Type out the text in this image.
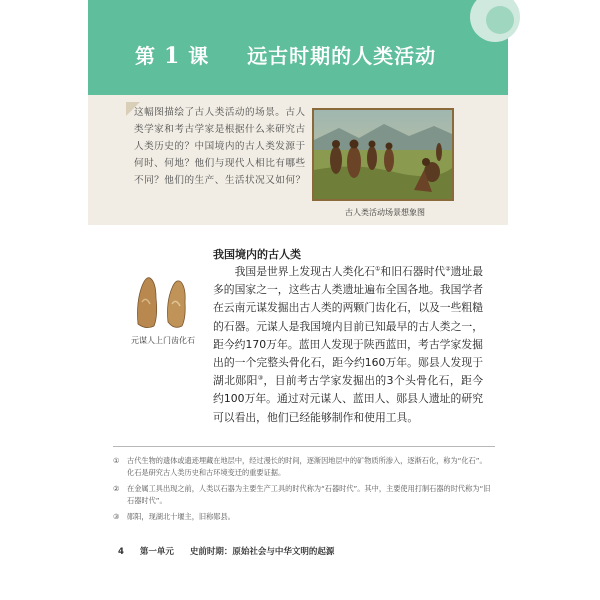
第 1 课 远古时期的人类活动
这幅图描绘了古人类活动的场景。古人类学家和考古学家是根据什么来研究古人类历史的？中国境内的古人类发源于何时、何地？他们与现代人相比有哪些不同？他们的生产、生活状况又如何？
古人类活动场景想象图
元谋人上门齿化石
我国境内的古人类

我国是世界上发现古人类化石①和旧石器时代②遗址最多的国家之一，这些古人类遗址遍布全国各地。我国学者在云南元谋发掘出古人类的两颗门齿化石，以及一些粗糙的石器。元谋人是我国境内目前已知最早的古人类之一，距今约170万年。蓝田人发现于陕西蓝田，考古学家发掘出的一个完整头骨化石，距今约160万年。郧县人发现于湖北郧阳③，目前考古学家发掘出的3个头骨化石，距今约100万年。通过对元谋人、蓝田人、郧县人遗址的研究可以看出，他们已经能够制作和使用工具。

①	古代生物的遗体或遗迹埋藏在地层中，经过漫长的时间，逐渐因地层中的矿物质所渗入，逐渐石化，称为“化石”。化石是研究古人类历史和古环境变迁的重要证据。
②	在金属工具出现之前，人类以石器为主要生产工具的时代称为“石器时代”。其中，主要使用打制石器的时代称为“旧石器时代”。
③	郧阳，现湖北十堰主，旧称郧县。
4 第一单元 史前时期：原始社会与中华文明的起源
